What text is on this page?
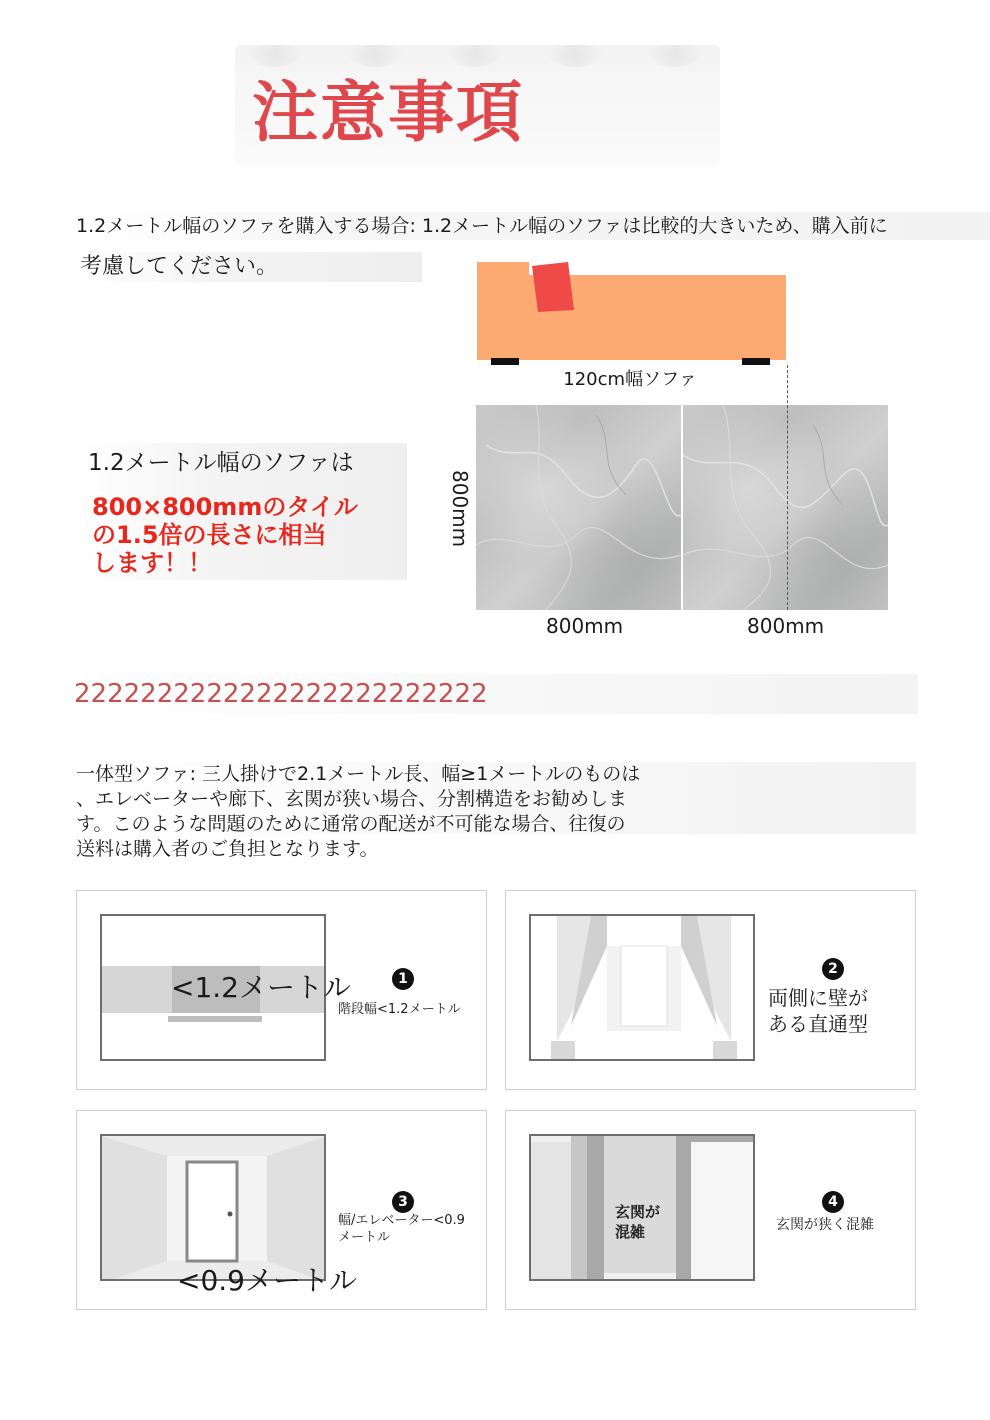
注意事項
1.2メートル幅のソファを購入する場合: 1.2メートル幅のソファは比較的大きいため、購入前に
考慮してください。
120cm幅ソファ
800mm
800mm	800mm
1.2メートル幅のソファは
800×800mmのタイル
の1.5倍の長さに相当
します！！
2222222222222222222222222
一体型ソファ: 三人掛けで2.1メートル長、幅≥1メートルのものは
、エレベーターや廊下、玄関が狭い場合、分割構造をお勧めしま
す。このような問題のために通常の配送が不可能な場合、往復の
送料は購入者のご負担となります。
<1.2メートル	1
階段幅<1.2メートル
2
両側に壁が
ある直通型
<0.9メートル
3
幅/エレベーター<0.9
メートル
玄関が
混雑
4
玄関が狭く混雑
